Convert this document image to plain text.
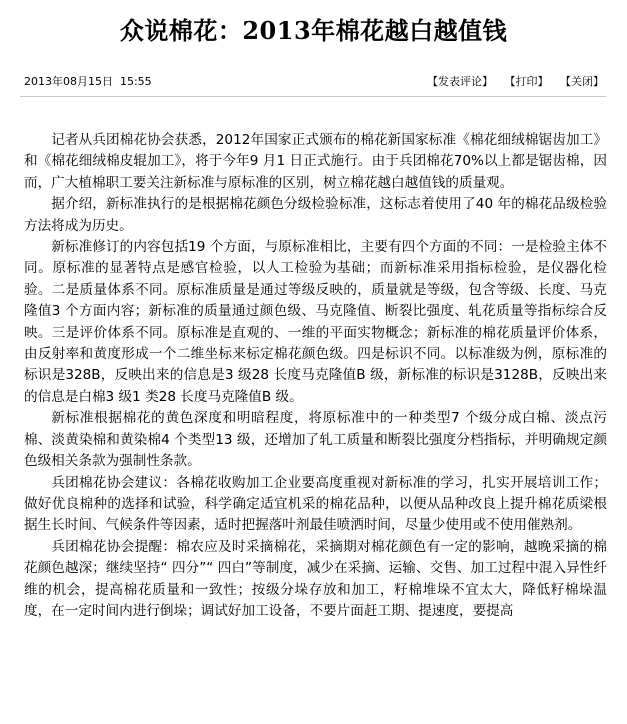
众说棉花：2013年棉花越白越值钱
2013年08月15日  15:55	【发表评论】 【打印】 【关闭】

记者从兵团棉花协会获悉，2012年国家正式颁布的棉花新国家标准《棉花细绒棉锯齿加工》和《棉花细绒棉皮辊加工》，将于今年9 月1 日正式施行。由于兵团棉花70%以上都是锯齿棉，因而，广大植棉职工要关注新标准与原标准的区别，树立棉花越白越值钱的质量观。

据介绍，新标准执行的是根据棉花颜色分级检验标准，这标志着使用了40 年的棉花品级检验方法将成为历史。

新标准修订的内容包括19 个方面，与原标准相比，主要有四个方面的不同：一是检验主体不同。原标准的显著特点是感官检验，以人工检验为基础；而新标准采用指标检验，是仪器化检验。二是质量体系不同。原标准质量是通过等级反映的，质量就是等级，包含等级、长度、马克隆值3 个方面内容；新标准的质量通过颜色级、马克隆值、断裂比强度、轧花质量等指标综合反映。三是评价体系不同。原标准是直观的、一维的平面实物概念；新标准的棉花质量评价体系，由反射率和黄度形成一个二维坐标来标定棉花颜色级。四是标识不同。以标准级为例，原标准的标识是328B，反映出来的信息是3 级28 长度马克隆值B 级，新标准的标识是3128B，反映出来的信息是白棉3 级1 类28 长度马克隆值B 级。

新标准根据棉花的黄色深度和明暗程度，将原标准中的一种类型7 个级分成白棉、淡点污棉、淡黄染棉和黄染棉4 个类型13 级，还增加了轧工质量和断裂比强度分档指标，并明确规定颜色级相关条款为强制性条款。

兵团棉花协会建议：各棉花收购加工企业要高度重视对新标准的学习，扎实开展培训工作；做好优良棉种的选择和试验，科学确定适宜机采的棉花品种，以便从品种改良上提升棉花质梁根据生长时间、气候条件等因素，适时把握落叶剂最佳喷洒时间，尽量少使用或不使用催熟剂。

兵团棉花协会提醒：棉农应及时采摘棉花，采摘期对棉花颜色有一定的影响，越晚采摘的棉花颜色越深；继续坚持“ 四分”“ 四白”等制度，减少在采摘、运输、交售、加工过程中混入异性纤维的机会，提高棉花质量和一致性；按级分垛存放和加工，籽棉堆垛不宜太大，降低籽棉垛温度，在一定时间内进行倒垛；调试好加工设备，不要片面赶工期、提速度，要提高
